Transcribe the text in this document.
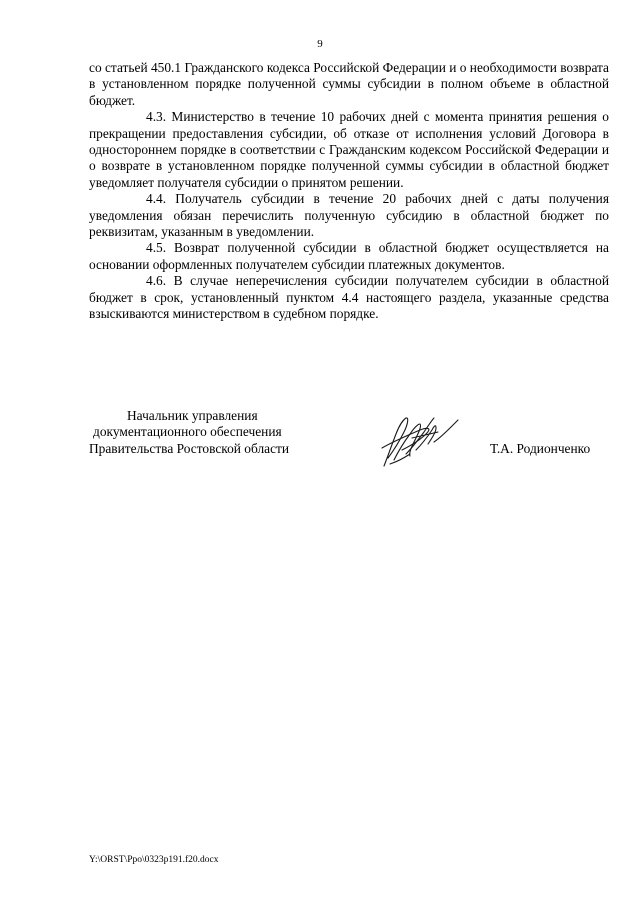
9

со статьей 450.1 Гражданского кодекса Российской Федерации и о необходимости возврата в установленном порядке полученной суммы субсидии в полном объеме в областной бюджет.

4.3. Министерство в течение 10 рабочих дней с момента принятия решения о прекращении предоставления субсидии, об отказе от исполнения условий Договора в одностороннем порядке в соответствии с Гражданским кодексом Российской Федерации и о возврате в установленном порядке полученной суммы субсидии в областной бюджет уведомляет получателя субсидии о принятом решении.

4.4. Получатель субсидии в течение 20 рабочих дней с даты получения уведомления обязан перечислить полученную субсидию в областной бюджет по реквизитам, указанным в уведомлении.

4.5. Возврат полученной субсидии в областной бюджет осуществляется на основании оформленных получателем субсидии платежных документов.

4.6. В случае неперечисления субсидии получателем субсидии в областной бюджет в срок, установленный пунктом 4.4 настоящего раздела, указанные средства взыскиваются министерством в судебном порядке.

Начальник управления
документационного обеспечения
Правительства Ростовской области	Т.А. Родионченко
Y:\ORST\Ppo\0323p191.f20.docx
